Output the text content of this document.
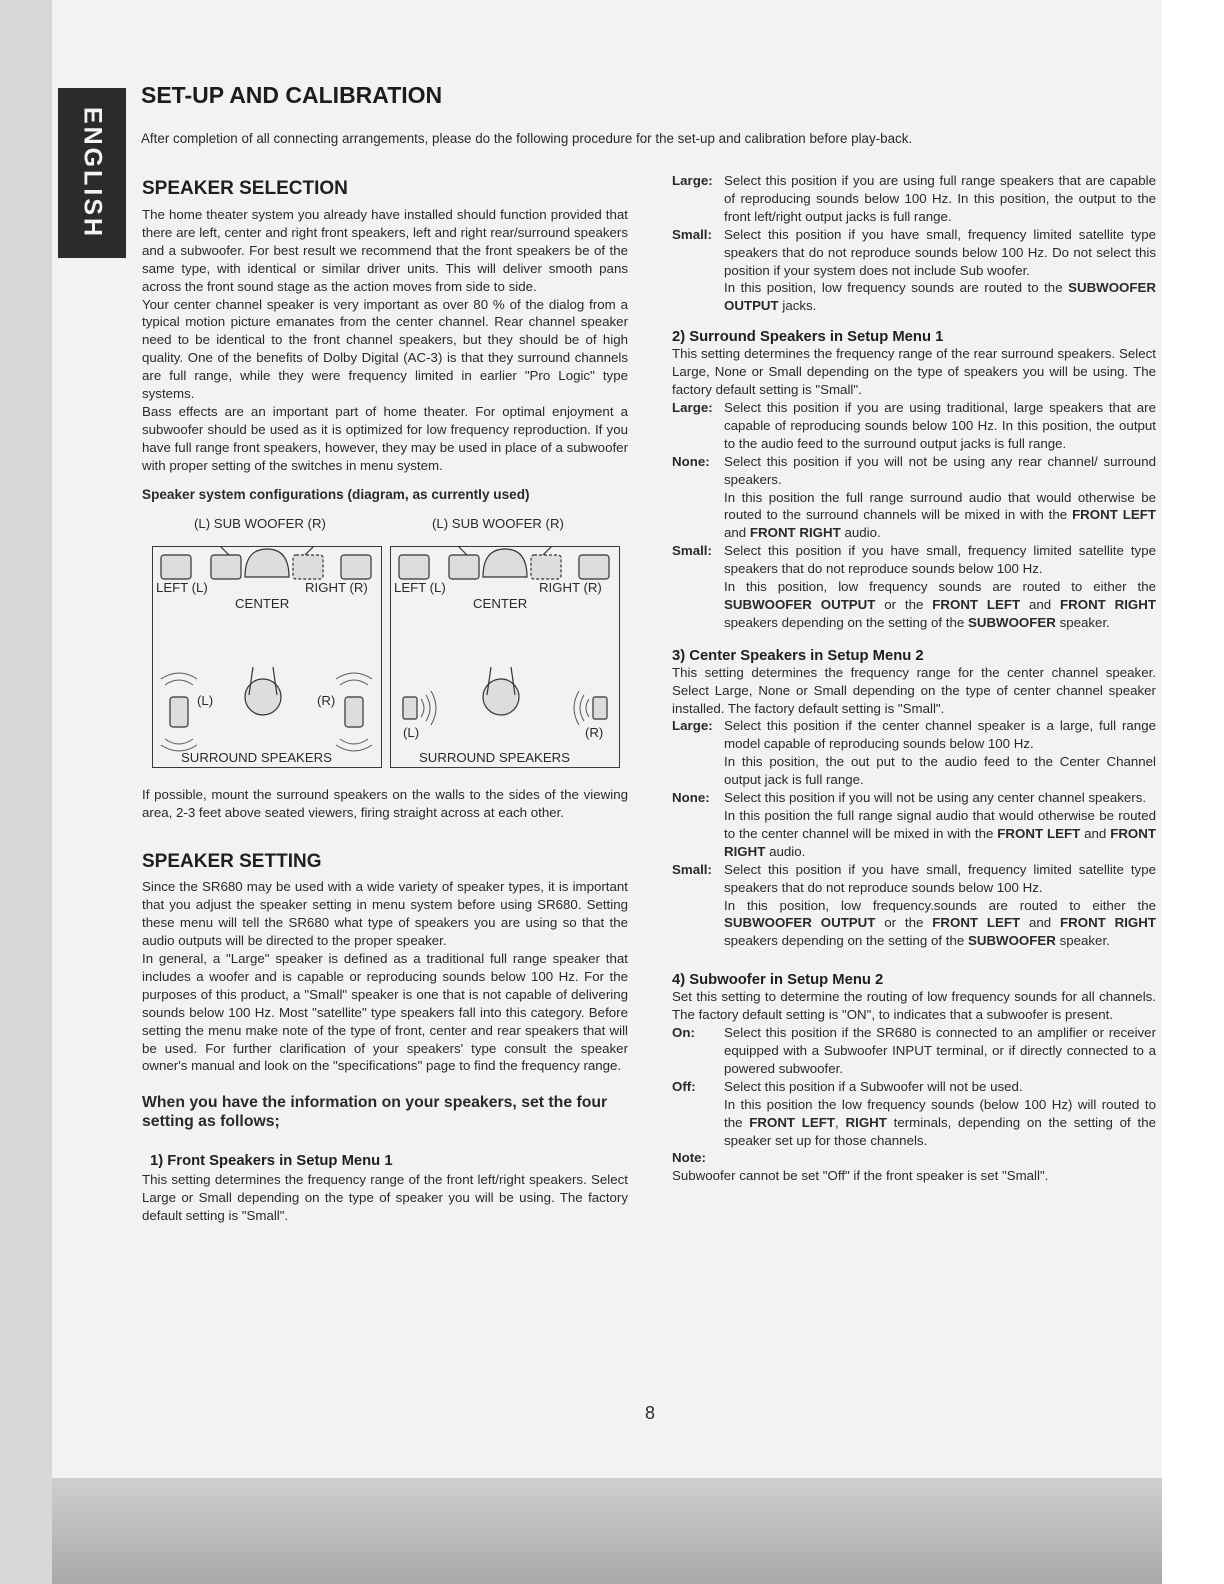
ENGLISH
SET-UP AND CALIBRATION

After completion of all connecting arrangements, please do the following procedure for the set-up and calibration before play-back.

SPEAKER SELECTION

The home theater system you already have installed should function provided that there are left, center and right front speakers, left and right rear/surround speakers and a subwoofer. For best result we recommend that the front speakers be of the same type, with identical or similar driver units. This will deliver smooth pans across the front sound stage as the action moves from side to side.

Your center channel speaker is very important as over 80 % of the dialog from a typical motion picture emanates from the center channel. Rear channel speaker need to be identical to the front channel speakers, but they should be of high quality. One of the benefits of Dolby Digital (AC-3) is that they surround channels are full range, while they were frequency limited in earlier "Pro Logic" type systems.

Bass effects are an important part of home theater. For optimal enjoyment a subwoofer should be used as it is optimized for low frequency reproduction. If you have full range front speakers, however, they may be used in place of a subwoofer with proper setting of the switches in menu system.

Speaker system configurations (diagram, as currently used)

(L) SUB WOOFER (R)
LEFT (L)	RIGHT (R)
CENTER
(L)	(R)
SURROUND SPEAKERS
(L) SUB WOOFER (R)
LEFT (L)	RIGHT (R)
CENTER
(L)	(R)
SURROUND SPEAKERS

If possible, mount the surround speakers on the walls to the sides of the viewing area, 2-3 feet above seated viewers, firing straight across at each other.

SPEAKER SETTING

Since the SR680 may be used with a wide variety of speaker types, it is important that you adjust the speaker setting in menu system before using SR680. Setting these menu will tell the SR680 what type of speakers you are using so that the audio outputs will be directed to the proper speaker.

In general, a "Large" speaker is defined as a traditional full range speaker that includes a woofer and is capable or reproducing sounds below 100 Hz. For the purposes of this product, a "Small" speaker is one that is not capable of delivering sounds below 100 Hz. Most "satellite" type speakers fall into this category. Before setting the menu make note of the type of front, center and rear speakers that will be used. For further clarification of your speakers' type consult the speaker owner's manual and look on the "specifications" page to find the frequency range.

When you have the information on your speakers, set the four setting as follows;

1) Front Speakers in Setup Menu 1

This setting determines the frequency range of the front left/right speakers. Select Large or Small depending on the type of speaker you will be using. The factory default setting is "Small".

Large: Select this position if you are using full range speakers that are capable of reproducing sounds below 100 Hz. In this position, the output to the front left/right output jacks is full range.

Small: Select this position if you have small, frequency limited satellite type speakers that do not reproduce sounds below 100 Hz. Do not select this position if your system does not include Sub woofer.

In this position, low frequency sounds are routed to the SUBWOOFER OUTPUT jacks.

2) Surround Speakers in Setup Menu 1

This setting determines the frequency range of the rear surround speakers. Select Large, None or Small depending on the type of speakers you will be using. The factory default setting is "Small".

Large: Select this position if you are using traditional, large speakers that are capable of reproducing sounds below 100 Hz. In this position, the output to the audio feed to the surround output jacks is full range.

None: Select this position if you will not be using any rear channel/ surround speakers.

In this position the full range surround audio that would otherwise be routed to the surround channels will be mixed in with the FRONT LEFT and FRONT RIGHT audio.

Small: Select this position if you have small, frequency limited satellite type speakers that do not reproduce sounds below 100 Hz.

In this position, low frequency sounds are routed to either the SUBWOOFER OUTPUT or the FRONT LEFT and FRONT RIGHT speakers depending on the setting of the SUBWOOFER speaker.

3) Center Speakers in Setup Menu 2

This setting determines the frequency range for the center channel speaker. Select Large, None or Small depending on the type of center channel speaker installed. The factory default setting is "Small".

Large: Select this position if the center channel speaker is a large, full range model capable of reproducing sounds below 100 Hz.

In this position, the out put to the audio feed to the Center Channel output jack is full range.

None: Select this position if you will not be using any center channel speakers.

In this position the full range signal audio that would otherwise be routed to the center channel will be mixed in with the FRONT LEFT and FRONT RIGHT audio.

Small: Select this position if you have small, frequency limited satellite type speakers that do not reproduce sounds below 100 Hz.

In this position, low frequency.sounds are routed to either the SUBWOOFER OUTPUT or the FRONT LEFT and FRONT RIGHT speakers depending on the setting of the SUBWOOFER speaker.

4) Subwoofer in Setup Menu 2

Set this setting to determine the routing of low frequency sounds for all channels. The factory default setting is "ON", to indicates that a subwoofer is present.

On: Select this position if the SR680 is connected to an amplifier or receiver equipped with a Subwoofer INPUT terminal, or if directly connected to a powered subwoofer.

Off: Select this position if a Subwoofer will not be used.

In this position the low frequency sounds (below 100 Hz) will routed to the FRONT LEFT, RIGHT terminals, depending on the setting of the speaker set up for those channels.

Note:

Subwoofer cannot be set "Off" if the front speaker is set "Small".

8
